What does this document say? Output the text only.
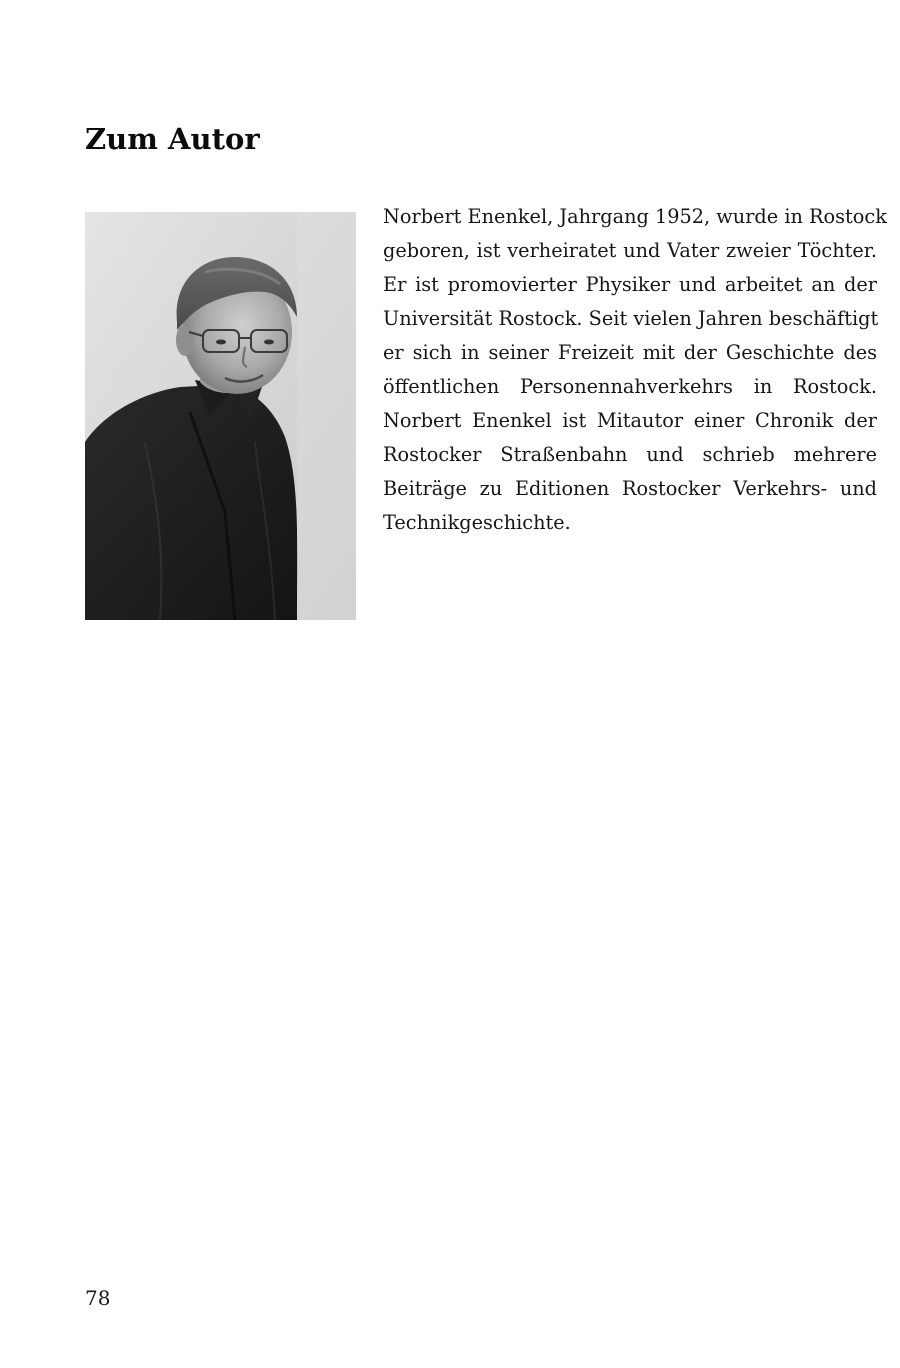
Zum Autor

Norbert Enenkel, Jahrgang 1952, wurde in Rostock
geboren, ist verheiratet und Vater zweier Töchter.
Er ist promovierter Physiker und arbeitet an der
Universität Rostock. Seit vielen Jahren beschäftigt
er sich in seiner Freizeit mit der Geschichte des
öffentlichen Personennahverkehrs in Rostock.
Norbert Enenkel ist Mitautor einer Chronik der
Rostocker Straßenbahn und schrieb mehrere
Beiträge zu Editionen Rostocker Verkehrs- und
Technikgeschichte.

78
